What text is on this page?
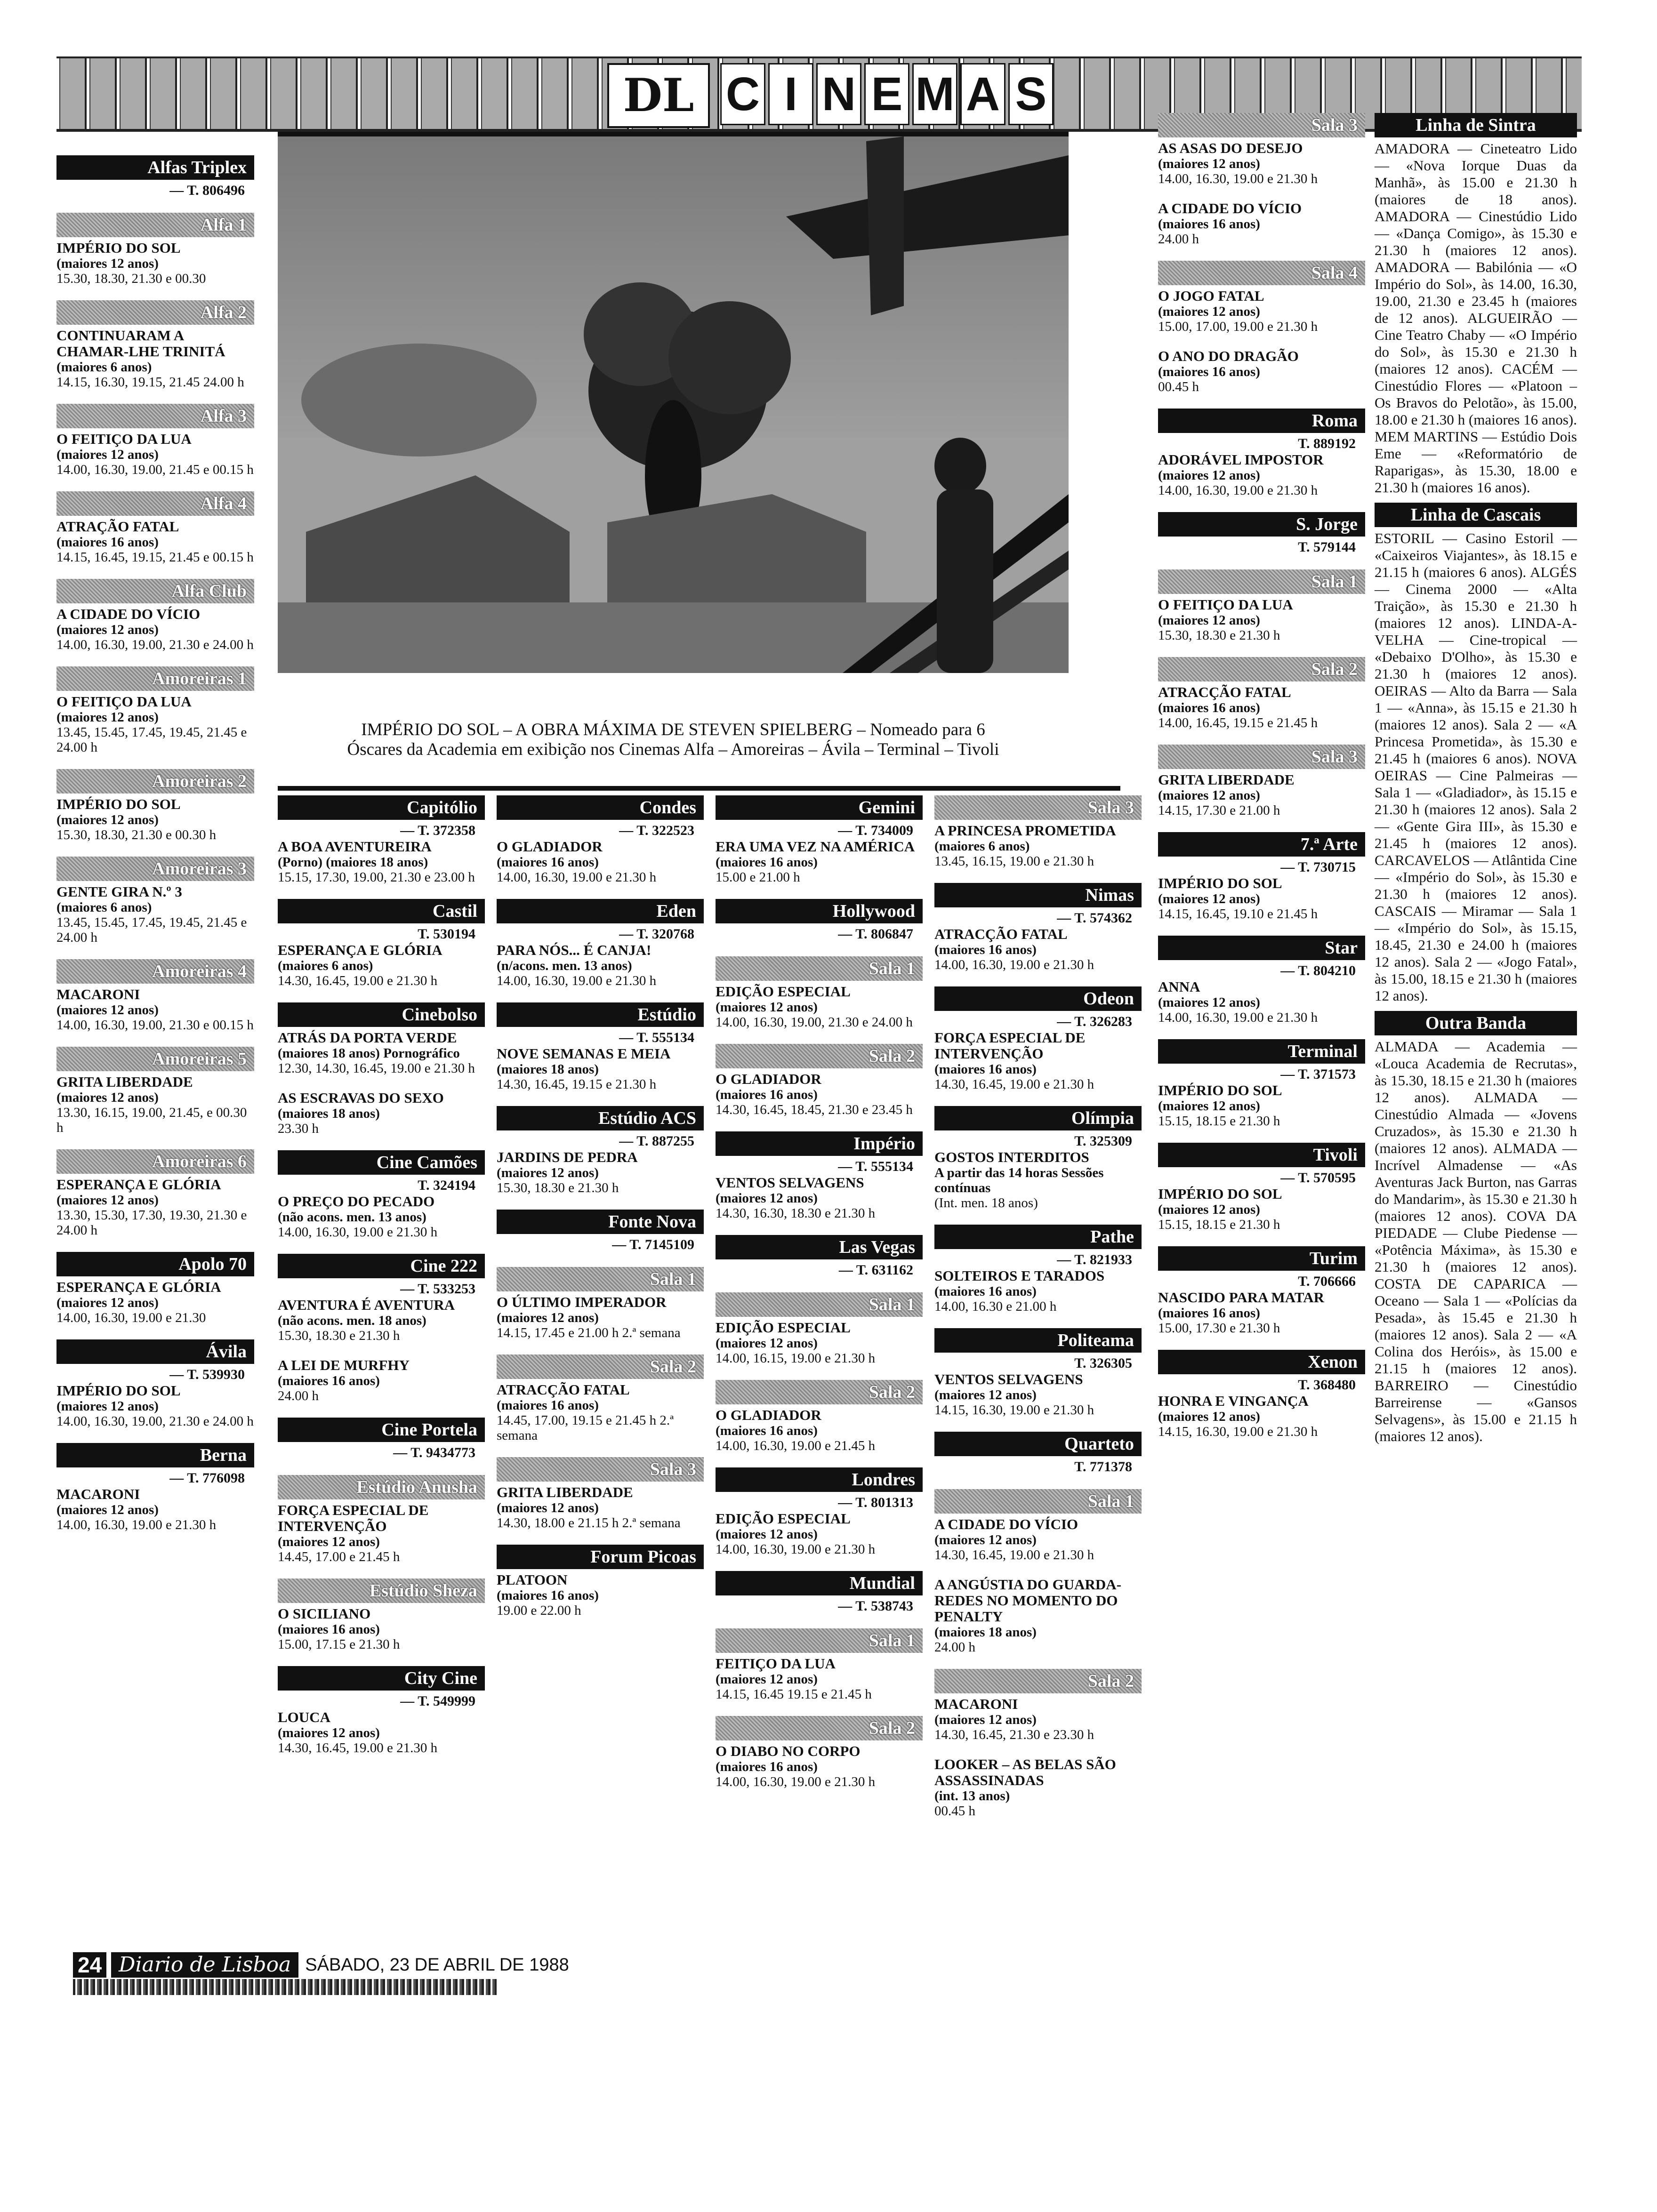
DL C I N E M A S
IMPÉRIO DO SOL – A OBRA MÁXIMA DE STEVEN SPIELBERG – Nomeado para 6 Óscares da Academia em exibição nos Cinemas Alfa – Amoreiras – Ávila – Terminal – Tivoli
Alfas Triplex
— T. 806496
Alfa 1
IMPÉRIO DO SOL
(maiores 12 anos)
15.30, 18.30, 21.30 e 00.30
Alfa 2
CONTINUARAM A CHAMAR-LHE TRINITÁ
(maiores 6 anos)
14.15, 16.30, 19.15, 21.45 24.00 h
Alfa 3
O FEITIÇO DA LUA
(maiores 12 anos)
14.00, 16.30, 19.00, 21.45 e 00.15 h
Alfa 4
ATRAÇÃO FATAL
(maiores 16 anos)
14.15, 16.45, 19.15, 21.45 e 00.15 h
Alfa Club
A CIDADE DO VÍCIO
(maiores 12 anos)
14.00, 16.30, 19.00, 21.30 e 24.00 h
Amoreiras 1
O FEITIÇO DA LUA
(maiores 12 anos)
13.45, 15.45, 17.45, 19.45, 21.45 e 24.00 h
Amoreiras 2
IMPÉRIO DO SOL
(maiores 12 anos)
15.30, 18.30, 21.30 e 00.30 h
Amoreiras 3
GENTE GIRA N.º 3
(maiores 6 anos)
13.45, 15.45, 17.45, 19.45, 21.45 e 24.00 h
Amoreiras 4
MACARONI
(maiores 12 anos)
14.00, 16.30, 19.00, 21.30 e 00.15 h
Amoreiras 5
GRITA LIBERDADE
(maiores 12 anos)
13.30, 16.15, 19.00, 21.45, e 00.30 h
Amoreiras 6
ESPERANÇA E GLÓRIA
(maiores 12 anos)
13.30, 15.30, 17.30, 19.30, 21.30 e 24.00 h
Apolo 70
ESPERANÇA E GLÓRIA
(maiores 12 anos)
14.00, 16.30, 19.00 e 21.30
Ávila
— T. 539930
IMPÉRIO DO SOL
(maiores 12 anos)
14.00, 16.30, 19.00, 21.30 e 24.00 h
Berna
— T. 776098
MACARONI
(maiores 12 anos)
14.00, 16.30, 19.00 e 21.30 h
Capitólio
— T. 372358
A BOA AVENTUREIRA
(Porno) (maiores 18 anos)
15.15, 17.30, 19.00, 21.30 e 23.00 h
Castil
T. 530194
ESPERANÇA E GLÓRIA
(maiores 6 anos)
14.30, 16.45, 19.00 e 21.30 h
Cinebolso
ATRÁS DA PORTA VERDE
(maiores 18 anos) Pornográfico
12.30, 14.30, 16.45, 19.00 e 21.30 h
AS ESCRAVAS DO SEXO
(maiores 18 anos)
23.30 h
Cine Camões
T. 324194
O PREÇO DO PECADO
(não acons. men. 13 anos)
14.00, 16.30, 19.00 e 21.30 h
Cine 222
— T. 533253
AVENTURA É AVENTURA
(não acons. men. 18 anos)
15.30, 18.30 e 21.30 h
A LEI DE MURFHY
(maiores 16 anos)
24.00 h
Cine Portela
— T. 9434773
Estúdio Anusha
FORÇA ESPECIAL DE INTERVENÇÃO
(maiores 12 anos)
14.45, 17.00 e 21.45 h
Estúdio Sheza
O SICILIANO
(maiores 16 anos)
15.00, 17.15 e 21.30 h
City Cine
— T. 549999
LOUCA
(maiores 12 anos)
14.30, 16.45, 19.00 e 21.30 h
Condes
— T. 322523
O GLADIADOR
(maiores 16 anos)
14.00, 16.30, 19.00 e 21.30 h
Eden
— T. 320768
PARA NÓS... É CANJA!
(n/acons. men. 13 anos)
14.00, 16.30, 19.00 e 21.30 h
Estúdio
— T. 555134
NOVE SEMANAS E MEIA
(maiores 18 anos)
14.30, 16.45, 19.15 e 21.30 h
Estúdio ACS
— T. 887255
JARDINS DE PEDRA
(maiores 12 anos)
15.30, 18.30 e 21.30 h
Fonte Nova
— T. 7145109
Sala 1
O ÚLTIMO IMPERADOR
(maiores 12 anos)
14.15, 17.45 e 21.00 h 2.ª semana
Sala 2
ATRACÇÃO FATAL
(maiores 16 anos)
14.45, 17.00, 19.15 e 21.45 h 2.ª semana
Sala 3
GRITA LIBERDADE
(maiores 12 anos)
14.30, 18.00 e 21.15 h 2.ª semana
Forum Picoas
PLATOON
(maiores 16 anos)
19.00 e 22.00 h
Gemini
— T. 734009
ERA UMA VEZ NA AMÉRICA
(maiores 16 anos)
15.00 e 21.00 h
Hollywood
— T. 806847
Sala 1
EDIÇÃO ESPECIAL
(maiores 12 anos)
14.00, 16.30, 19.00, 21.30 e 24.00 h
Sala 2
O GLADIADOR
(maiores 16 anos)
14.30, 16.45, 18.45, 21.30 e 23.45 h
Império
— T. 555134
VENTOS SELVAGENS
(maiores 12 anos)
14.30, 16.30, 18.30 e 21.30 h
Las Vegas
— T. 631162
Sala 1
EDIÇÃO ESPECIAL
(maiores 12 anos)
14.00, 16.15, 19.00 e 21.30 h
Sala 2
O GLADIADOR
(maiores 16 anos)
14.00, 16.30, 19.00 e 21.45 h
Londres
— T. 801313
EDIÇÃO ESPECIAL
(maiores 12 anos)
14.00, 16.30, 19.00 e 21.30 h
Mundial
— T. 538743
Sala 1
FEITIÇO DA LUA
(maiores 12 anos)
14.15, 16.45 19.15 e 21.45 h
Sala 2
O DIABO NO CORPO
(maiores 16 anos)
14.00, 16.30, 19.00 e 21.30 h
Sala 3
A PRINCESA PROMETIDA
(maiores 6 anos)
13.45, 16.15, 19.00 e 21.30 h
Nimas
— T. 574362
ATRACÇÃO FATAL
(maiores 16 anos)
14.00, 16.30, 19.00 e 21.30 h
Odeon
— T. 326283
FORÇA ESPECIAL DE INTERVENÇÃO
(maiores 16 anos)
14.30, 16.45, 19.00 e 21.30 h
Olímpia
T. 325309
GOSTOS INTERDITOS
A partir das 14 horas Sessões contínuas
(Int. men. 18 anos)
Pathe
— T. 821933
SOLTEIROS E TARADOS
(maiores 16 anos)
14.00, 16.30 e 21.00 h
Politeama
T. 326305
VENTOS SELVAGENS
(maiores 12 anos)
14.15, 16.30, 19.00 e 21.30 h
Quarteto
T. 771378
Sala 1
A CIDADE DO VÍCIO
(maiores 12 anos)
14.30, 16.45, 19.00 e 21.30 h
A ANGÚSTIA DO GUARDA-REDES NO MOMENTO DO PENALTY
(maiores 18 anos)
24.00 h
Sala 2
MACARONI
(maiores 12 anos)
14.30, 16.45, 21.30 e 23.30 h
LOOKER – AS BELAS SÃO ASSASSINADAS
(int. 13 anos)
00.45 h
Sala 3
AS ASAS DO DESEJO
(maiores 12 anos)
14.00, 16.30, 19.00 e 21.30 h
A CIDADE DO VÍCIO
(maiores 16 anos)
24.00 h
Sala 4
O JOGO FATAL
(maiores 12 anos)
15.00, 17.00, 19.00 e 21.30 h
O ANO DO DRAGÃO
(maiores 16 anos)
00.45 h
Roma
T. 889192
ADORÁVEL IMPOSTOR
(maiores 12 anos)
14.00, 16.30, 19.00 e 21.30 h
S. Jorge
T. 579144
Sala 1
O FEITIÇO DA LUA
(maiores 12 anos)
15.30, 18.30 e 21.30 h
Sala 2
ATRACÇÃO FATAL
(maiores 16 anos)
14.00, 16.45, 19.15 e 21.45 h
Sala 3
GRITA LIBERDADE
(maiores 12 anos)
14.15, 17.30 e 21.00 h
7.ª Arte
— T. 730715
IMPÉRIO DO SOL
(maiores 12 anos)
14.15, 16.45, 19.10 e 21.45 h
Star
— T. 804210
ANNA
(maiores 12 anos)
14.00, 16.30, 19.00 e 21.30 h
Terminal
— T. 371573
IMPÉRIO DO SOL
(maiores 12 anos)
15.15, 18.15 e 21.30 h
Tivoli
— T. 570595
IMPÉRIO DO SOL
(maiores 12 anos)
15.15, 18.15 e 21.30 h
Turim
T. 706666
NASCIDO PARA MATAR
(maiores 16 anos)
15.00, 17.30 e 21.30 h
Xenon
T. 368480
HONRA E VINGANÇA
(maiores 12 anos)
14.15, 16.30, 19.00 e 21.30 h
Linha de Sintra
AMADORA — Cineteatro Lido — «Nova Iorque Duas da Manhã», às 15.00 e 21.30 h (maiores de 18 anos). AMADORA — Cinestúdio Lido — «Dança Comigo», às 15.30 e 21.30 h (maiores 12 anos). AMADORA — Babilónia — «O Império do Sol», às 14.00, 16.30, 19.00, 21.30 e 23.45 h (maiores de 12 anos). ALGUEIRÃO — Cine Teatro Chaby — «O Império do Sol», às 15.30 e 21.30 h (maiores 12 anos). CACÉM — Cinestúdio Flores — «Platoon – Os Bravos do Pelotão», às 15.00, 18.00 e 21.30 h (maiores 16 anos). MEM MARTINS — Estúdio Dois Eme — «Reformatório de Raparigas», às 15.30, 18.00 e 21.30 h (maiores 16 anos).
Linha de Cascais
ESTORIL — Casino Estoril — «Caixeiros Viajantes», às 18.15 e 21.15 h (maiores 6 anos). ALGÉS — Cinema 2000 — «Alta Traição», às 15.30 e 21.30 h (maiores 12 anos). LINDA-A-VELHA — Cine-tropical — «Debaixo D'Olho», às 15.30 e 21.30 h (maiores 12 anos). OEIRAS — Alto da Barra — Sala 1 — «Anna», às 15.15 e 21.30 h (maiores 12 anos). Sala 2 — «A Princesa Prometida», às 15.30 e 21.45 h (maiores 6 anos). NOVA OEIRAS — Cine Palmeiras — Sala 1 — «Gladiador», às 15.15 e 21.30 h (maiores 12 anos). Sala 2 — «Gente Gira III», às 15.30 e 21.45 h (maiores 12 anos). CARCAVELOS — Atlântida Cine — «Império do Sol», às 15.30 e 21.30 h (maiores 12 anos). CASCAIS — Miramar — Sala 1 — «Império do Sol», às 15.15, 18.45, 21.30 e 24.00 h (maiores 12 anos). Sala 2 — «Jogo Fatal», às 15.00, 18.15 e 21.30 h (maiores 12 anos).
Outra Banda
ALMADA — Academia — «Louca Academia de Recrutas», às 15.30, 18.15 e 21.30 h (maiores 12 anos). ALMADA — Cinestúdio Almada — «Jovens Cruzados», às 15.30 e 21.30 h (maiores 12 anos). ALMADA — Incrível Almadense — «As Aventuras Jack Burton, nas Garras do Mandarim», às 15.30 e 21.30 h (maiores 12 anos). COVA DA PIEDADE — Clube Piedense — «Potência Máxima», às 15.30 e 21.30 h (maiores 12 anos). COSTA DE CAPARICA — Oceano — Sala 1 — «Polícias da Pesada», às 15.45 e 21.30 h (maiores 12 anos). Sala 2 — «A Colina dos Heróis», às 15.00 e 21.15 h (maiores 12 anos). BARREIRO — Cinestúdio Barreirense — «Gansos Selvagens», às 15.00 e 21.15 h (maiores 12 anos).
24 Diario de Lisboa SÁBADO, 23 DE ABRIL DE 1988
